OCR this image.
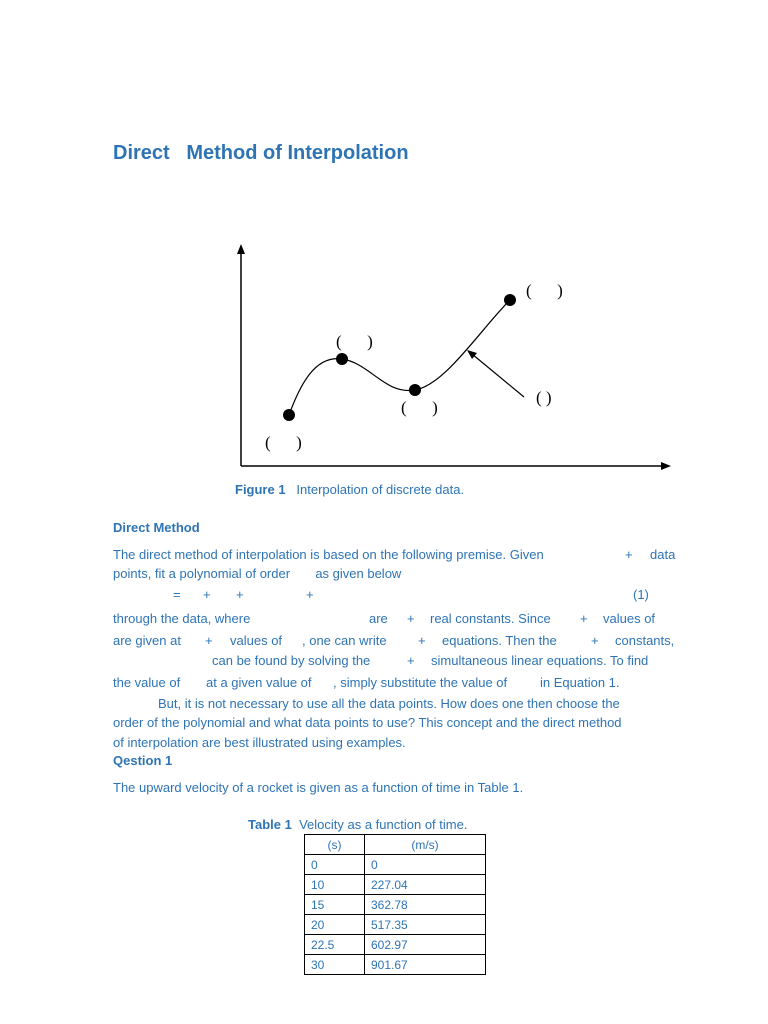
Direct   Method of Interpolation
(      )
(      )
(      )
(      )
( )
Figure 1 Interpolation of discrete data.
Direct Method
The direct method of interpolation is based on the following premise. Given	+ data
points, fit a polynomial of order       as given below
= + +	+	(1)
through the data, where	are + real constants. Since + values of
are given at + values of , one can write + equations. Then the	+ constants,
can be found by solving the	+ simultaneous linear equations. To find
the value of at a given value of , simply substitute the value of	in Equation 1.
But, it is not necessary to use all the data points. How does one then choose the
order of the polynomial and what data points to use? This concept and the direct method
of interpolation are best illustrated using examples.
Qestion 1
The upward velocity of a rocket is given as a function of time in Table 1.
Table 1 Velocity as a function of time.
(s)	(m/s)
0	0
10	227.04
15	362.78
20	517.35
22.5	602.97
30	901.67
